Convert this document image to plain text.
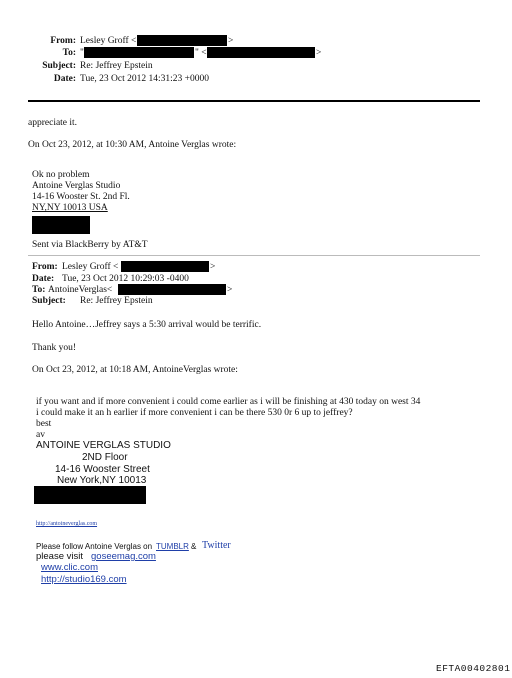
From: Lesley Groff <	>
To: "	" <	>
Subject: Re: Jeffrey Epstein
Date: Tue, 23 Oct 2012 14:31:23 +0000
appreciate it.
On Oct 23, 2012, at 10:30 AM, Antoine Verglas wrote:
Ok no problem
Antoine Verglas Studio
14-16 Wooster St. 2nd Fl.
NY,NY 10013 USA
Sent via BlackBerry by AT&T
From: Lesley Groff <	>
Date: Tue, 23 Oct 2012 10:29:03 -0400
To: AntoineVerglas<	>
Subject: Re: Jeffrey Epstein
Hello Antoine…Jeffrey says a 5:30 arrival would be terrific.
Thank you!
On Oct 23, 2012, at 10:18 AM, AntoineVerglas wrote:
if you want and if more convenient i could come earlier as i will be finishing at 430 today on west 34
i could make it an h earlier if more convenient i can be there 530 0r 6 up to jeffrey?
best
av
ANTOINE VERGLAS STUDIO
2ND Floor
14-16 Wooster Street
New York,NY 10013
http://antoineverglas.com
Please follow Antoine Verglas on TUMBLR & Twitter
please visit goseemag.com
www.clic.com
http://studio169.com
EFTA00402801
